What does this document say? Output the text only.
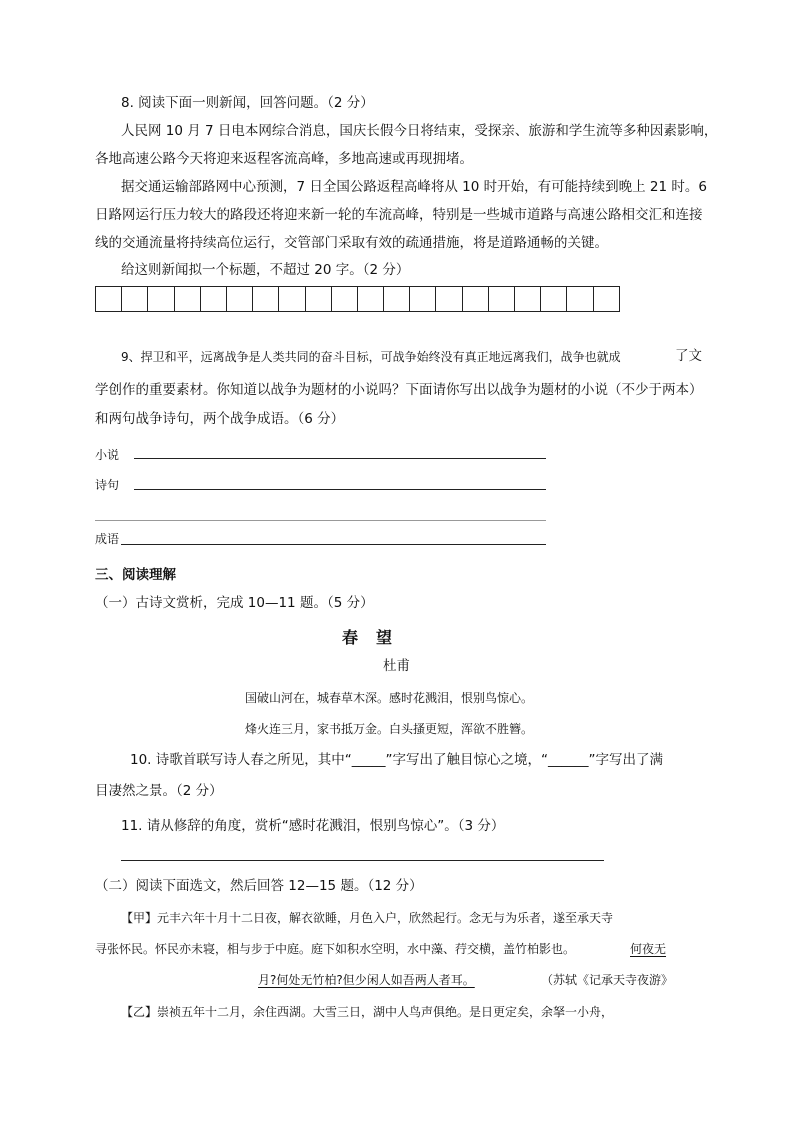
8. 阅读下面一则新闻，回答问题。（2 分）
人民网 10 月 7 日电本网综合消息，国庆长假今日将结束，受探亲、旅游和学生流等多种因素影响，
各地高速公路今天将迎来返程客流高峰，多地高速或再现拥堵。
据交通运输部路网中心预测，7 日全国公路返程高峰将从 10 时开始，有可能持续到晚上 21 时。6
日路网运行压力较大的路段还将迎来新一轮的车流高峰，特别是一些城市道路与高速公路相交汇和连接
线的交通流量将持续高位运行，交管部门采取有效的疏通措施，将是道路通畅的关键。
给这则新闻拟一个标题，不超过 20 字。（2 分）
9、捍卫和平，远离战争是人类共同的奋斗目标，可战争始终没有真正地远离我们，战争也就成	了文
学创作的重要素材。你知道以战争为题材的小说吗？下面请你写出以战争为题材的小说（不少于两本）
和两句战争诗句，两个战争成语。（6 分）
小说
诗句
成语
三、阅读理解
（一）古诗文赏析，完成 10—11 题。（5 分）
春望
杜甫
国破山河在，城春草木深。感时花溅泪，恨别鸟惊心。
烽火连三月，家书抵万金。白头搔更短，浑欲不胜簪。
10. 诗歌首联写诗人春之所见，其中“_____”字写出了触目惊心之境，“______”字写出了满
目凄然之景。（2 分）
11. 请从修辞的角度，赏析“感时花溅泪，恨别鸟惊心”。（3 分）
（二）阅读下面选文，然后回答 12—15 题。（12 分）
【甲】元丰六年十月十二日夜，解衣欲睡，月色入户，欣然起行。念无与为乐者，遂至承天寺
寻张怀民。怀民亦未寝，相与步于中庭。庭下如积水空明，水中藻、荇交横，盖竹柏影也。	何夜无
月?何处无竹柏?但少闲人如吾两人者耳。	（苏轼《记承天寺夜游》
【乙】崇祯五年十二月，余住西湖。大雪三日，湖中人鸟声俱绝。是日更定矣，余拏一小舟，
